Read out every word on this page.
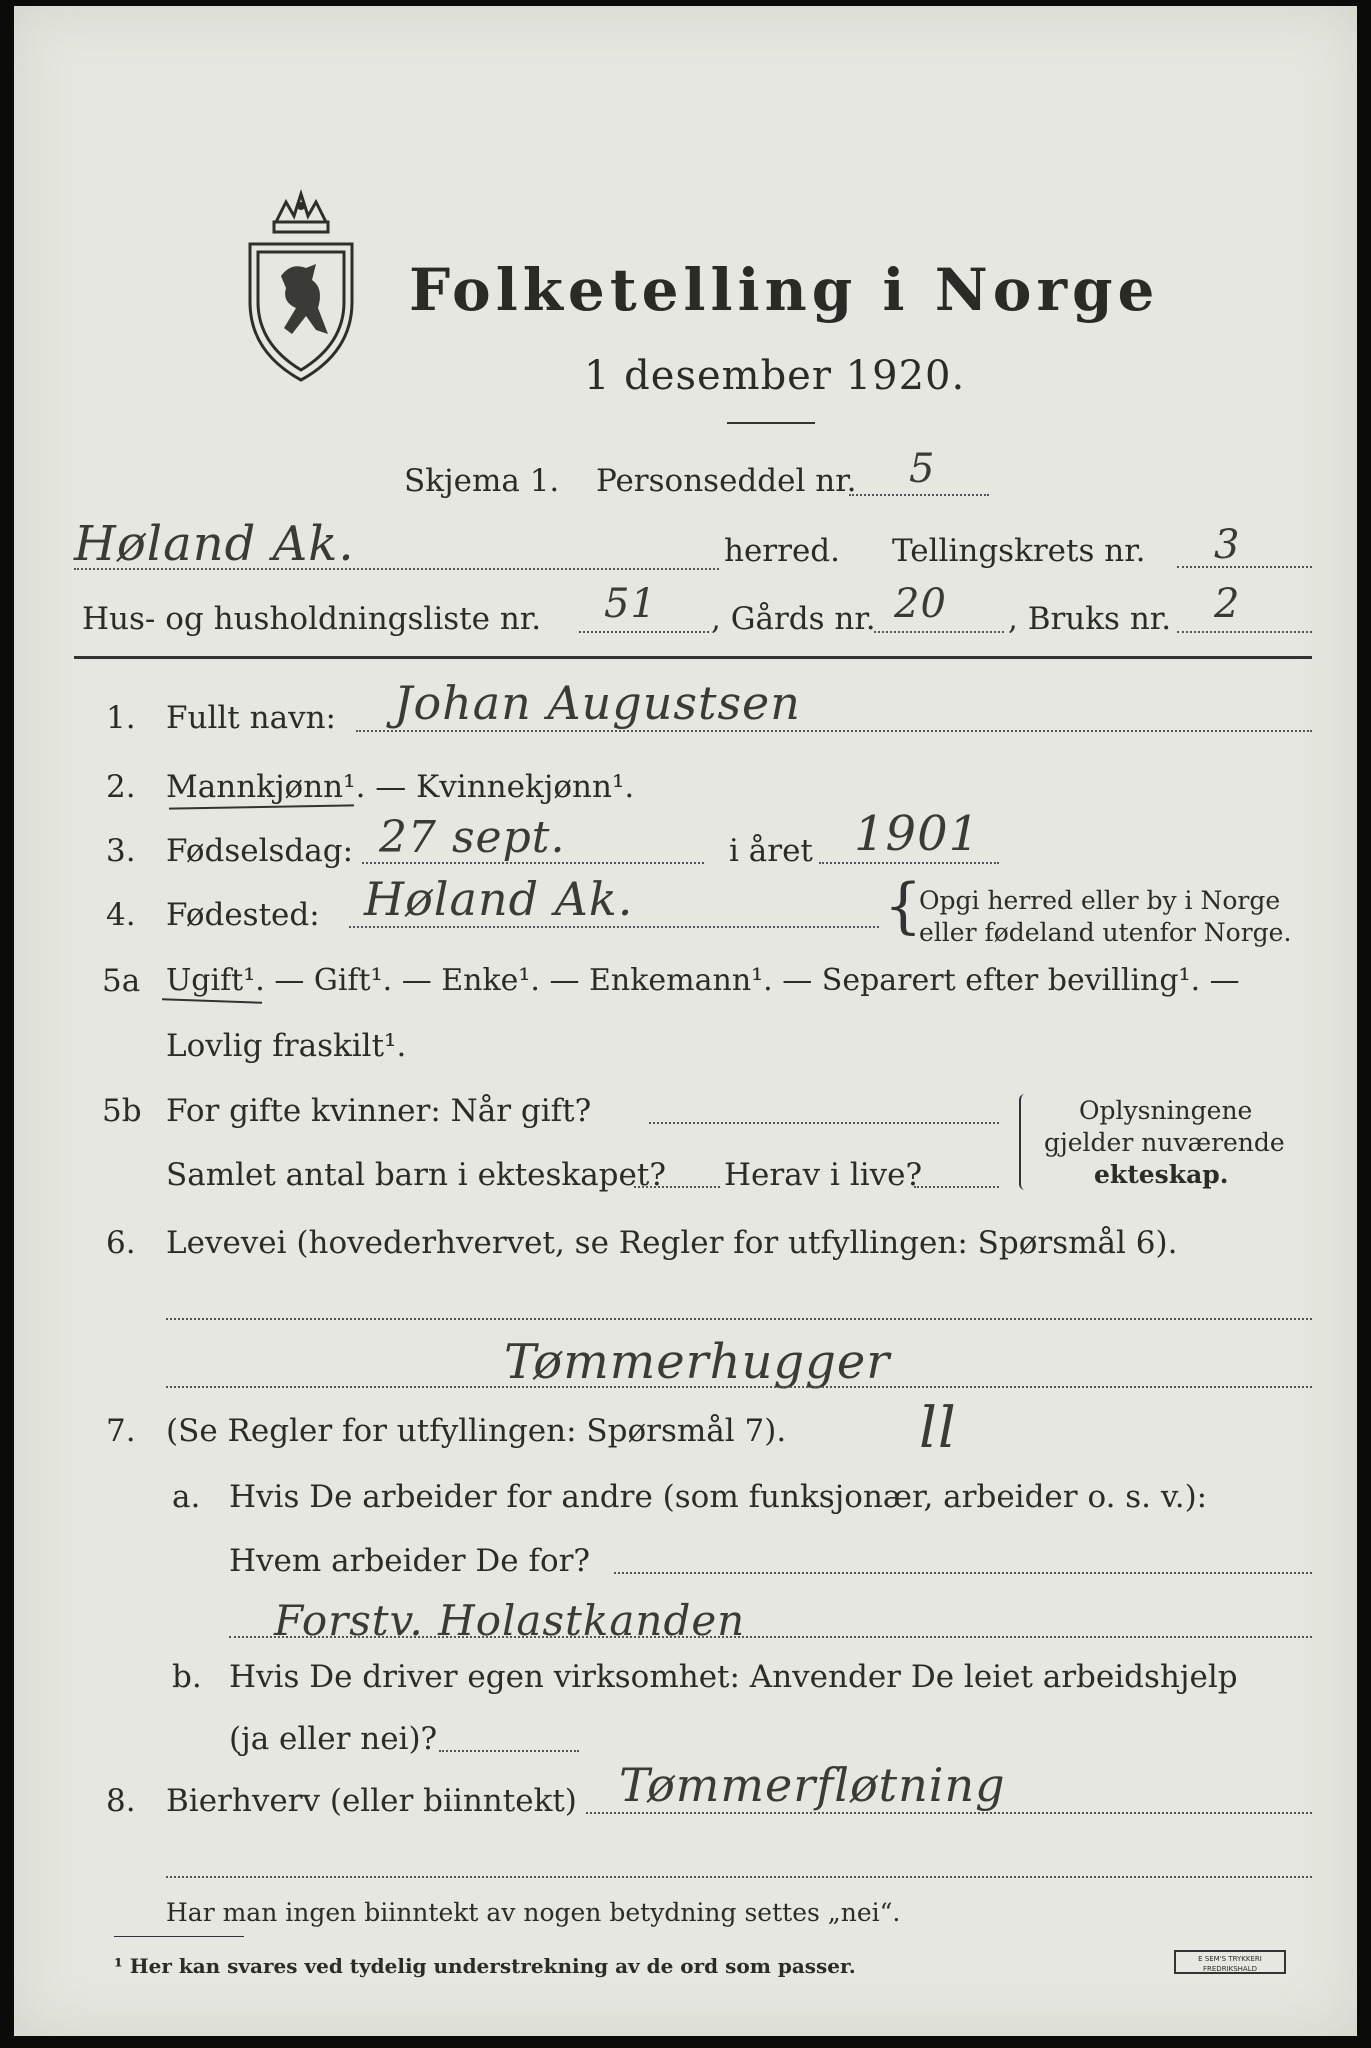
Folketelling i Norge
1 desember 1920.
Skjema 1. Personseddel nr. 5
Høland Ak.	herred. Tellingskrets nr. 3
Hus- og husholdningsliste nr. 51 , Gårds nr. 20 , Bruks nr. 2
1. Fullt navn: Johan Augustsen
2. Mannkjønn¹. — Kvinnekjønn¹.
3. Fødselsdag: 27 sept.	i året 1901
4. Fødested: Høland Ak.	{
Opgi herred eller by i Norge
eller fødeland utenfor Norge.
5a Ugift¹. — Gift¹. — Enke¹. — Enkemann¹. — Separert efter bevilling¹. —
Lovlig fraskilt¹.
5b For gifte kvinner: Når gift?
Samlet antal barn i ekteskapet? Herav i live?
Oplysningene
gjelder nuværende
ekteskap.
6. Levevei (hovederhvervet, se Regler for utfyllingen: Spørsmål 6).
Tømmerhugger
7. (Se Regler for utfyllingen: Spørsmål 7). ll
a. Hvis De arbeider for andre (som funksjonær, arbeider o. s. v.):
Hvem arbeider De for?
Forstv. Holastkanden
b. Hvis De driver egen virksomhet: Anvender De leiet arbeidshjelp
(ja eller nei)?
8. Bierhverv (eller biinntekt) Tømmerfløtning
Har man ingen biinntekt av nogen betydning settes „nei“.
¹ Her kan svares ved tydelig understrekning av de ord som passer.	E SEM'S TRYKKERI FREDRIKSHALD
